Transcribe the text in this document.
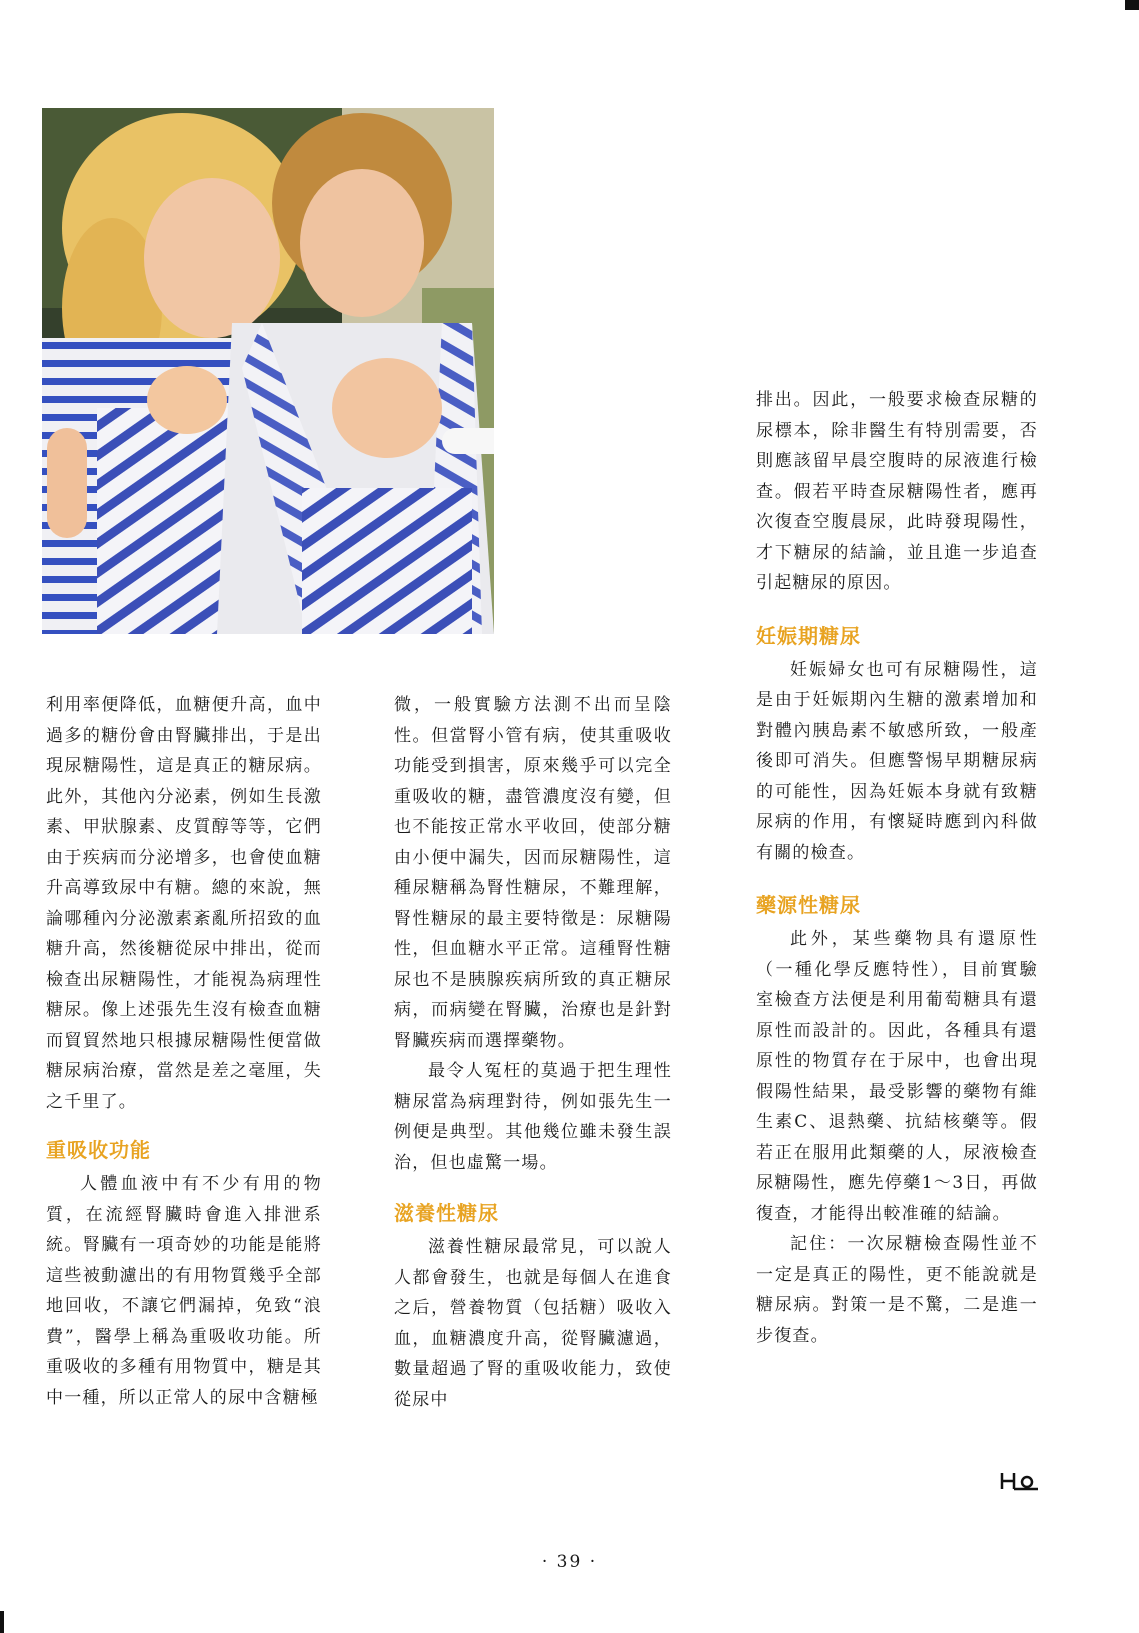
利用率便降低，血糖便升高，血中過多的糖份會由腎臟排出，于是出現尿糖陽性，這是真正的糖尿病。此外，其他內分泌素，例如生長激素、甲狀腺素、皮質醇等等，它們由于疾病而分泌增多，也會使血糖升高導致尿中有糖。總的來說，無論哪種內分泌激素紊亂所招致的血糖升高，然後糖從尿中排出，從而檢查出尿糖陽性，才能視為病理性糖尿。像上述張先生沒有檢查血糖而貿貿然地只根據尿糖陽性便當做糖尿病治療，當然是差之毫厘，失之千里了。

重吸收功能

人體血液中有不少有用的物質，在流經腎臟時會進入排泄系統。腎臟有一項奇妙的功能是能將這些被動濾出的有用物質幾乎全部地回收，不讓它們漏掉，免致“浪費”，醫學上稱為重吸收功能。所重吸收的多種有用物質中，糖是其中一種，所以正常人的尿中含糖極

微，一般實驗方法測不出而呈陰性。但當腎小管有病，使其重吸收功能受到損害，原來幾乎可以完全重吸收的糖，盡管濃度沒有變，但也不能按正常水平收回，使部分糖由小便中漏失，因而尿糖陽性，這種尿糖稱為腎性糖尿，不難理解，腎性糖尿的最主要特徵是：尿糖陽性，但血糖水平正常。這種腎性糖尿也不是胰腺疾病所致的真正糖尿病，而病變在腎臟，治療也是針對腎臟疾病而選擇藥物。

最令人冤枉的莫過于把生理性糖尿當為病理對待，例如張先生一例便是典型。其他幾位雖未發生誤治，但也虛驚一場。

滋養性糖尿

滋養性糖尿最常見，可以說人人都會發生，也就是每個人在進食之后，營養物質（包括糖）吸收入血，血糖濃度升高，從腎臟濾過，數量超過了腎的重吸收能力，致使從尿中

排出。因此，一般要求檢查尿糖的尿標本，除非醫生有特別需要，否則應該留早晨空腹時的尿液進行檢查。假若平時查尿糖陽性者，應再次復查空腹晨尿，此時發現陽性，才下糖尿的結論，並且進一步追查引起糖尿的原因。

妊娠期糖尿

妊娠婦女也可有尿糖陽性，這是由于妊娠期內生糖的激素增加和對體內胰島素不敏感所致，一般產後即可消失。但應警惕早期糖尿病的可能性，因為妊娠本身就有致糖尿病的作用，有懷疑時應到內科做有關的檢查。

藥源性糖尿

此外，某些藥物具有還原性（一種化學反應特性），目前實驗室檢查方法便是利用葡萄糖具有還原性而設計的。因此，各種具有還原性的物質存在于尿中，也會出現假陽性結果，最受影響的藥物有維生素C、退熱藥、抗結核藥等。假若正在服用此類藥的人，尿液檢查尿糖陽性，應先停藥1～3日，再做復查，才能得出較准確的結論。

記住：一次尿糖檢查陽性並不一定是真正的陽性，更不能說就是糖尿病。對策一是不驚，二是進一步復查。

· 39 ·
